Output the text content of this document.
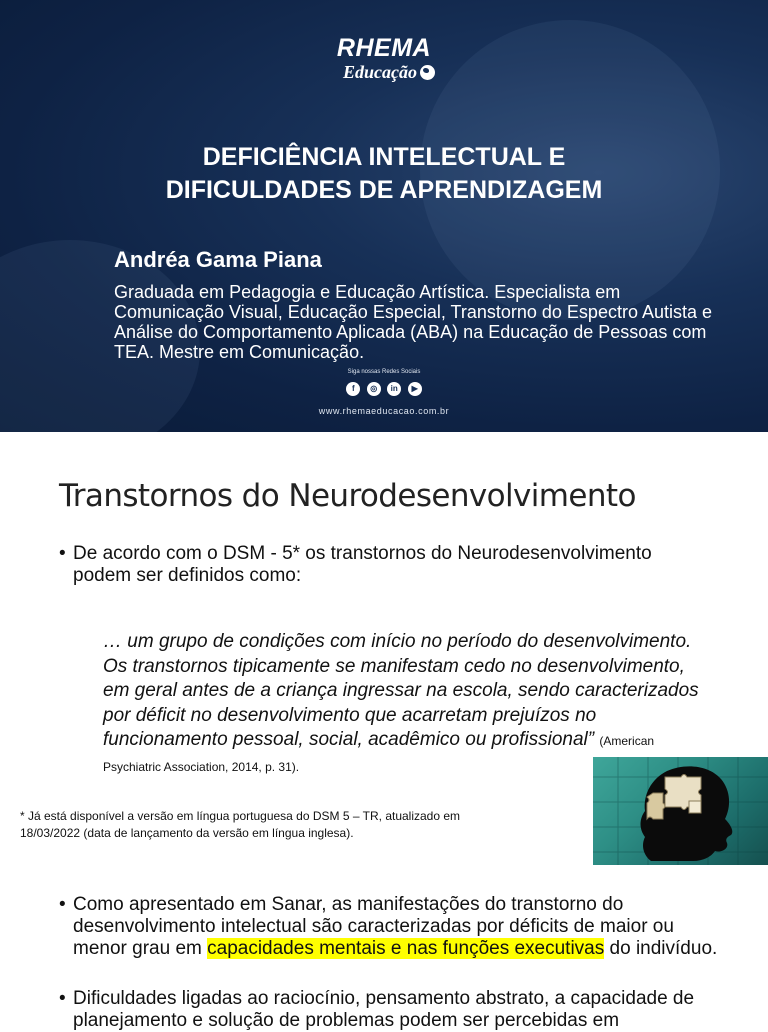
RHEMA
Educação
DEFICIÊNCIA INTELECTUAL E
DIFICULDADES DE APRENDIZAGEM
Andréa Gama Piana
Graduada em Pedagogia e Educação Artística. Especialista em Comunicação Visual, Educação Especial, Transtorno do Espectro Autista e Análise do Comportamento Aplicada (ABA) na Educação de Pessoas com TEA. Mestre em Comunicação.
Siga nossas Redes Sociais
f ◎ in ▶
www.rhemaeducacao.com.br
Transtornos do Neurodesenvolvimento
• De acordo com o DSM - 5* os transtornos do Neurodesenvolvimento podem ser definidos como:
… um grupo de condições com início no período do desenvolvimento. Os transtornos tipicamente se manifestam cedo no desenvolvimento, em geral antes de a criança ingressar na escola, sendo caracterizados por déficit no desenvolvimento que acarretam prejuízos no funcionamento pessoal, social, acadêmico ou profissional” (American Psychiatric Association, 2014, p. 31).
* Já está disponível a versão em língua portuguesa do DSM 5 – TR, atualizado em 18/03/2022 (data de lançamento da versão em língua inglesa).
• Como apresentado em Sanar, as manifestações do transtorno do desenvolvimento intelectual são caracterizadas por déficits de maior ou menor grau em capacidades mentais e nas funções executivas do indivíduo.
• Dificuldades ligadas ao raciocínio, pensamento abstrato, a capacidade de planejamento e solução de problemas podem ser percebidas em
